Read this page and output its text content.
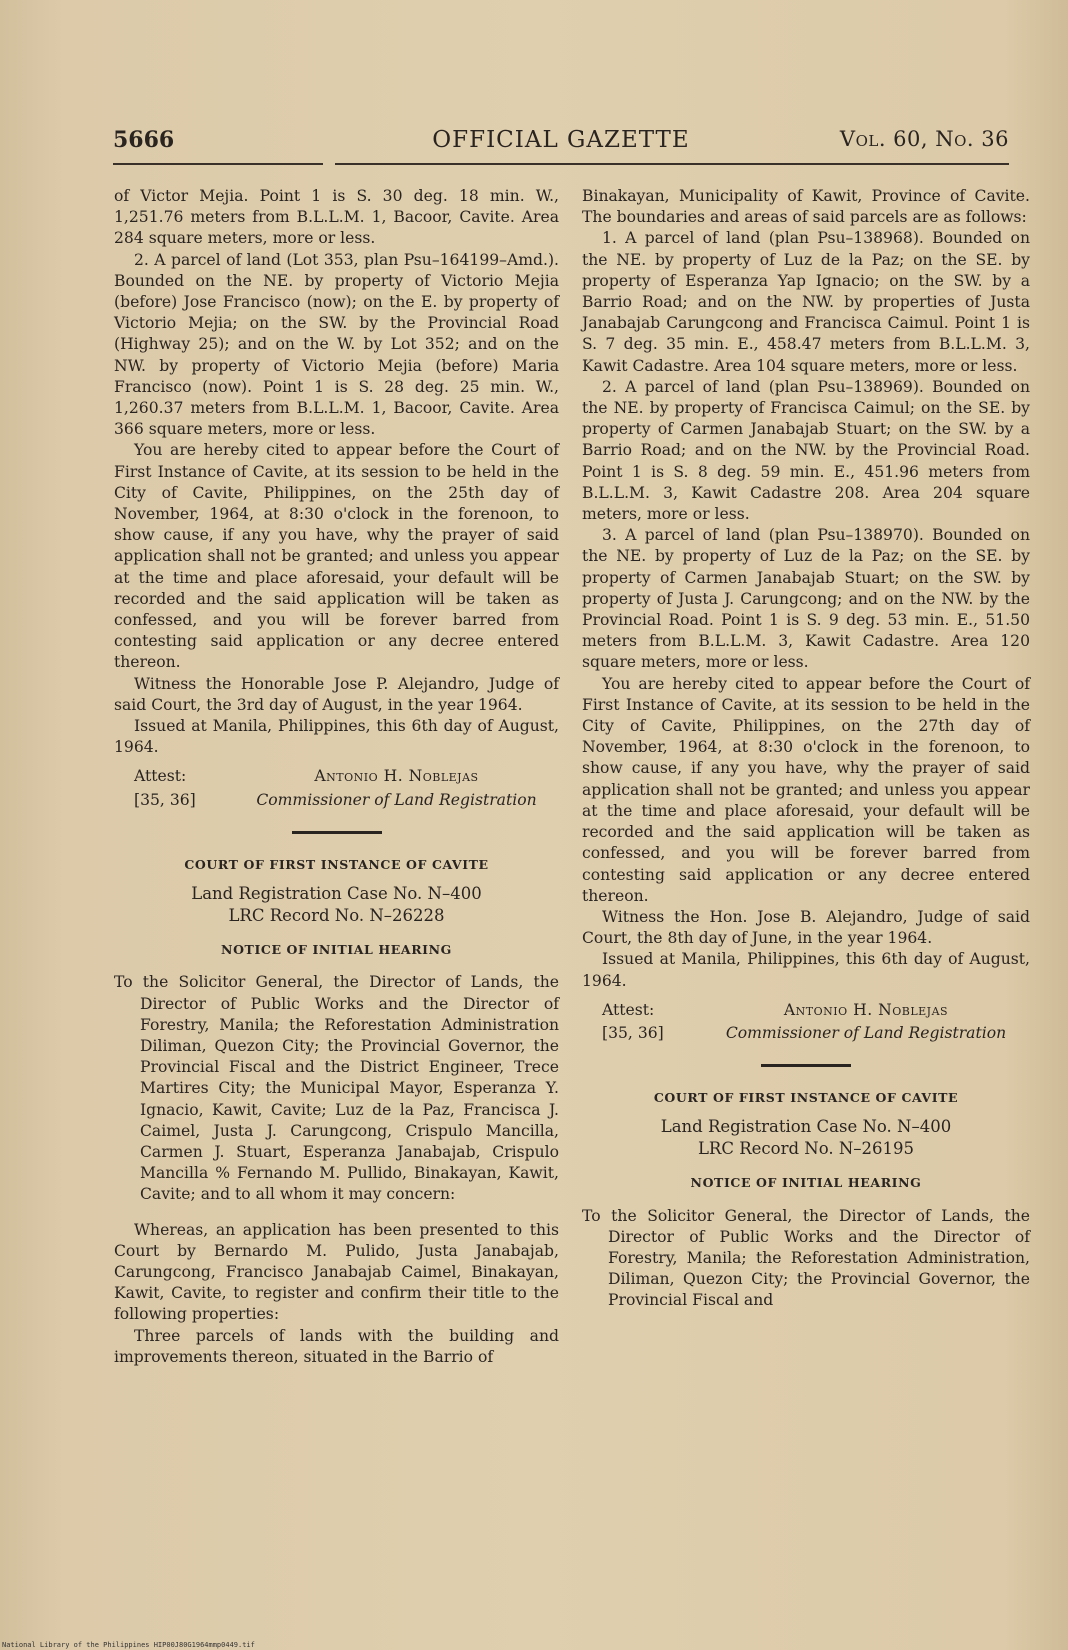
5666	OFFICIAL GAZETTE	Vol. 60, No. 36

of Victor Mejia. Point 1 is S. 30 deg. 18 min. W., 1,251.76 meters from B.L.L.M. 1, Bacoor, Cavite. Area 284 square meters, more or less.

2. A parcel of land (Lot 353, plan Psu–164199–Amd.). Bounded on the NE. by property of Victorio Mejia (before) Jose Francisco (now); on the E. by property of Victorio Mejia; on the SW. by the Provincial Road (Highway 25); and on the W. by Lot 352; and on the NW. by property of Victorio Mejia (before) Maria Francisco (now). Point 1 is S. 28 deg. 25 min. W., 1,260.37 meters from B.L.L.M. 1, Bacoor, Cavite. Area 366 square meters, more or less.

You are hereby cited to appear before the Court of First Instance of Cavite, at its session to be held in the City of Cavite, Philippines, on the 25th day of November, 1964, at 8:30 o'clock in the forenoon, to show cause, if any you have, why the prayer of said application shall not be granted; and unless you appear at the time and place aforesaid, your default will be recorded and the said application will be taken as confessed, and you will be forever barred from contesting said application or any decree entered thereon.

Witness the Honorable Jose P. Alejandro, Judge of said Court, the 3rd day of August, in the year 1964.

Issued at Manila, Philippines, this 6th day of August, 1964.

Attest:	Antonio H. Noblejas
[35, 36]	Commissioner of Land Registration
COURT OF FIRST INSTANCE OF CAVITE
Land Registration Case No. N–400
LRC Record No. N–26228
NOTICE OF INITIAL HEARING

To the Solicitor General, the Director of Lands, the Director of Public Works and the Director of Forestry, Manila; the Reforestation Administration Diliman, Quezon City; the Provincial Governor, the Provincial Fiscal and the District Engineer, Trece Martires City; the Municipal Mayor, Esperanza Y. Ignacio, Kawit, Cavite; Luz de la Paz, Francisca J. Caimel, Justa J. Carungcong, Crispulo Mancilla, Carmen J. Stuart, Esperanza Janabajab, Crispulo Mancilla % Fernando M. Pullido, Binakayan, Kawit, Cavite; and to all whom it may concern:

Whereas, an application has been presented to this Court by Bernardo M. Pulido, Justa Janabajab, Carungcong, Francisco Janabajab Caimel, Binakayan, Kawit, Cavite, to register and confirm their title to the following properties:

Three parcels of lands with the building and improvements thereon, situated in the Barrio of

Binakayan, Municipality of Kawit, Province of Cavite. The boundaries and areas of said parcels are as follows:

1. A parcel of land (plan Psu–138968). Bounded on the NE. by property of Luz de la Paz; on the SE. by property of Esperanza Yap Ignacio; on the SW. by a Barrio Road; and on the NW. by properties of Justa Janabajab Carungcong and Francisca Caimul. Point 1 is S. 7 deg. 35 min. E., 458.47 meters from B.L.L.M. 3, Kawit Cadastre. Area 104 square meters, more or less.

2. A parcel of land (plan Psu–138969). Bounded on the NE. by property of Francisca Caimul; on the SE. by property of Carmen Janabajab Stuart; on the SW. by a Barrio Road; and on the NW. by the Provincial Road. Point 1 is S. 8 deg. 59 min. E., 451.96 meters from B.L.L.M. 3, Kawit Cadastre 208. Area 204 square meters, more or less.

3. A parcel of land (plan Psu–138970). Bounded on the NE. by property of Luz de la Paz; on the SE. by property of Carmen Janabajab Stuart; on the SW. by property of Justa J. Carungcong; and on the NW. by the Provincial Road. Point 1 is S. 9 deg. 53 min. E., 51.50 meters from B.L.L.M. 3, Kawit Cadastre. Area 120 square meters, more or less.

You are hereby cited to appear before the Court of First Instance of Cavite, at its session to be held in the City of Cavite, Philippines, on the 27th day of November, 1964, at 8:30 o'clock in the forenoon, to show cause, if any you have, why the prayer of said application shall not be granted; and unless you appear at the time and place aforesaid, your default will be recorded and the said application will be taken as confessed, and you will be forever barred from contesting said application or any decree entered thereon.

Witness the Hon. Jose B. Alejandro, Judge of said Court, the 8th day of June, in the year 1964.

Issued at Manila, Philippines, this 6th day of August, 1964.

Attest:	Antonio H. Noblejas
[35, 36]	Commissioner of Land Registration
COURT OF FIRST INSTANCE OF CAVITE
Land Registration Case No. N–400
LRC Record No. N–26195
NOTICE OF INITIAL HEARING

To the Solicitor General, the Director of Lands, the Director of Public Works and the Director of Forestry, Manila; the Reforestation Administration, Diliman, Quezon City; the Provincial Governor, the Provincial Fiscal and

National Library of the Philippines HIP00J80G1964mmp0449.tif
